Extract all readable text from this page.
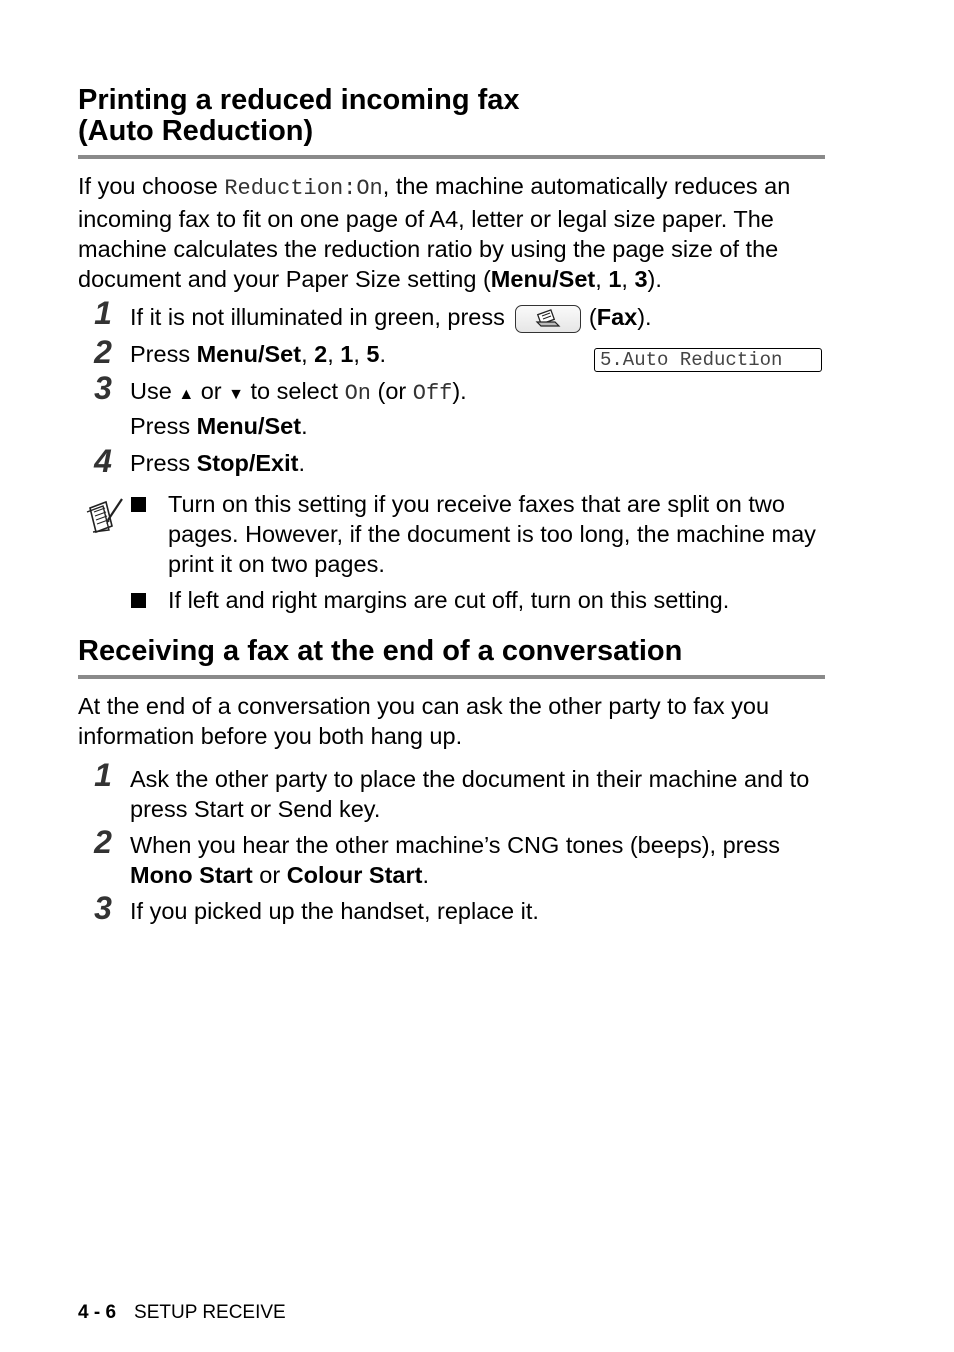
Printing a reduced incoming fax
(Auto Reduction)
If you choose Reduction:On, the machine automatically reduces an incoming fax to fit on one page of A4, letter or legal size paper. The machine calculates the reduction ratio by using the page size of the document and your Paper Size setting (Menu/Set, 1, 3).
1 If it is not illuminated in green, press	(Fax).
2 Press Menu/Set, 2, 1, 5.	5.Auto Reduction
3 Use ▲ or ▼ to select On (or Off).
Press Menu/Set.
4 Press Stop/Exit.
Turn on this setting if you receive faxes that are split on two pages. However, if the document is too long, the machine may print it on two pages.
If left and right margins are cut off, turn on this setting.
Receiving a fax at the end of a conversation
At the end of a conversation you can ask the other party to fax you information before you both hang up.
1 Ask the other party to place the document in their machine and to press Start or Send key.
2 When you hear the other machine’s CNG tones (beeps), press Mono Start or Colour Start.
3 If you picked up the handset, replace it.
4 - 6 SETUP RECEIVE
